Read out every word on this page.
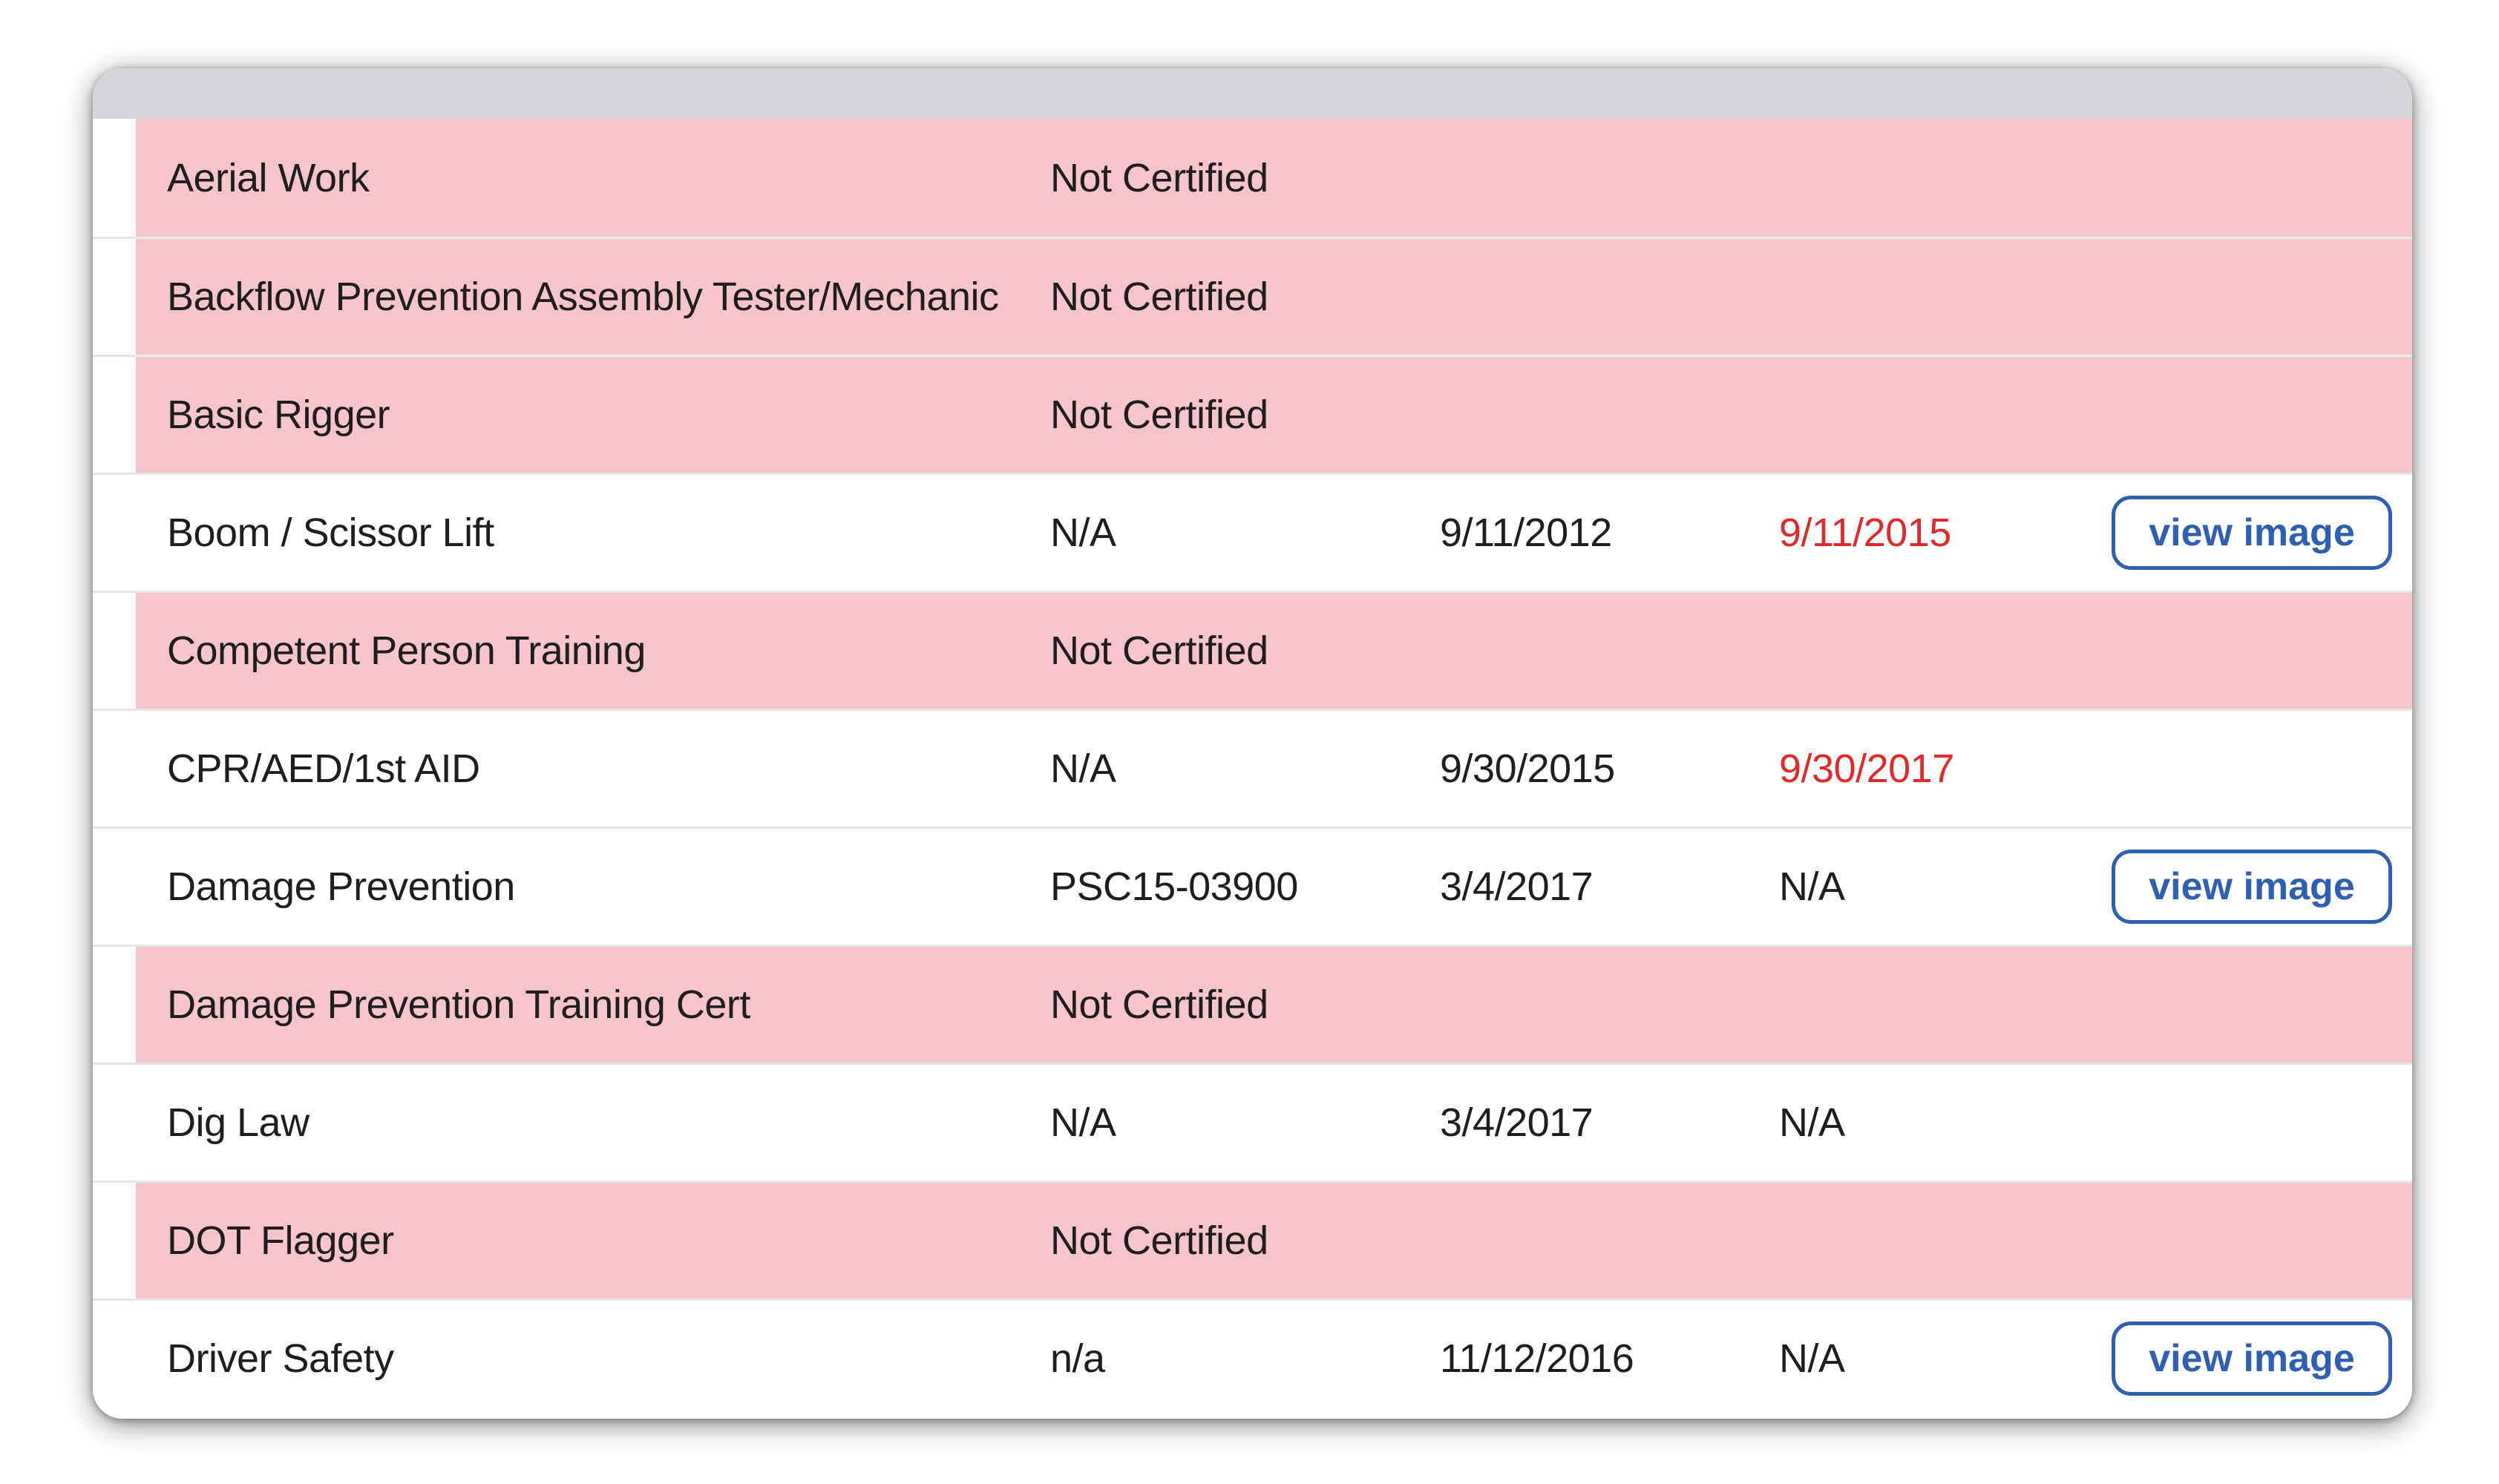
Aerial Work	Not Certified
Backflow Prevention Assembly Tester/Mechanic Not Certified
Basic Rigger	Not Certified
Boom / Scissor Lift	N/A	9/11/2012	9/11/2015	view image
Competent Person Training	Not Certified
CPR/AED/1st AID	N/A	9/30/2015	9/30/2017
Damage Prevention	PSC15-03900	3/4/2017	N/A	view image
Damage Prevention Training Cert	Not Certified
Dig Law	N/A	3/4/2017	N/A
DOT Flagger	Not Certified
Driver Safety	n/a	11/12/2016	N/A	view image
